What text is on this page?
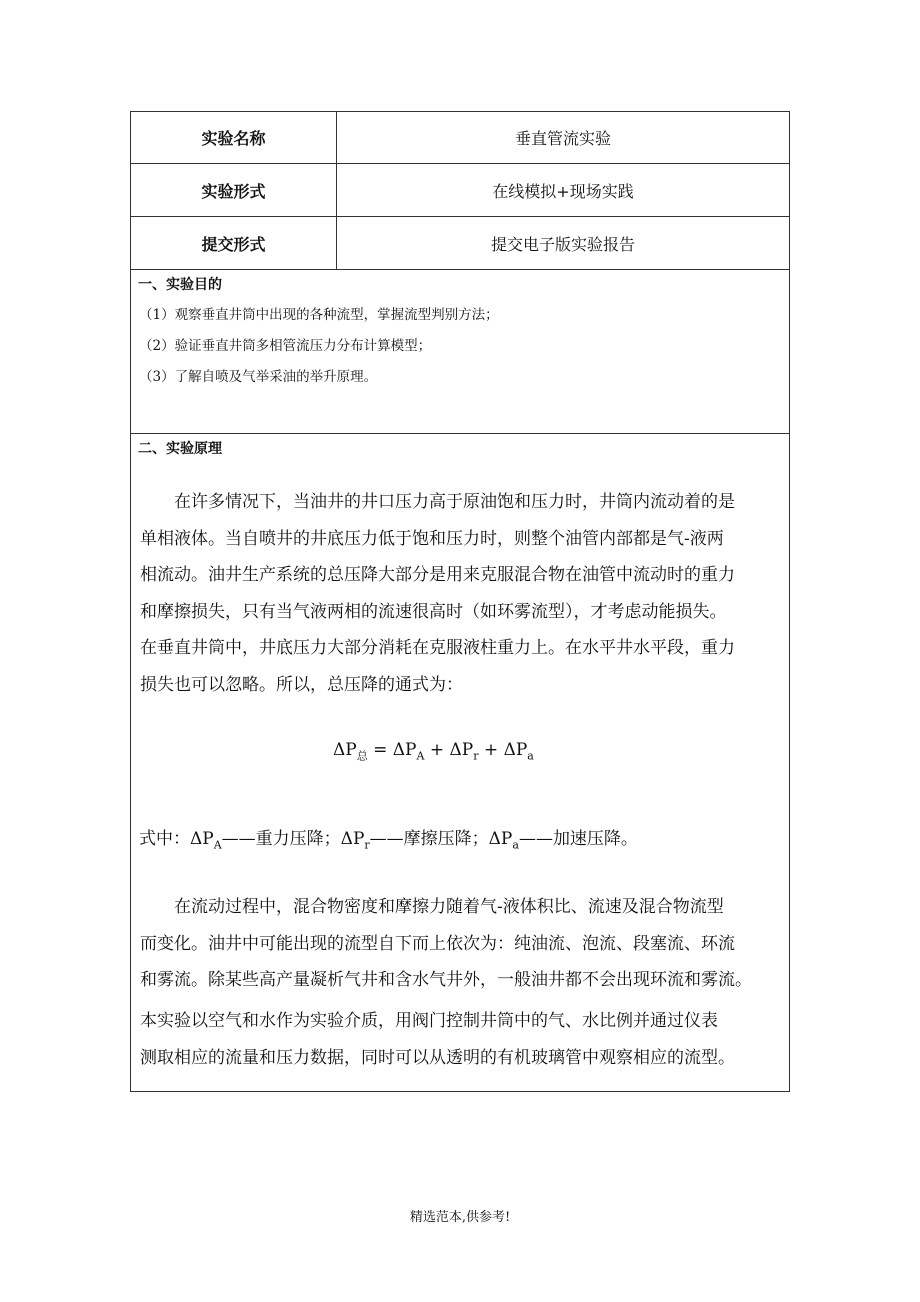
实验名称	垂直管流实验
实验形式	在线模拟+现场实践
提交形式	提交电子版实验报告
一、实验目的
（1）观察垂直井筒中出现的各种流型，掌握流型判别方法；
（2）验证垂直井筒多相管流压力分布计算模型；
（3）了解自喷及气举采油的举升原理。
二、实验原理
　　在许多情况下，当油井的井口压力高于原油饱和压力时，井筒内流动着的是
单相液体。当自喷井的井底压力低于饱和压力时，则整个油管内部都是气-液两
相流动。油井生产系统的总压降大部分是用来克服混合物在油管中流动时的重力
和摩擦损失，只有当气液两相的流速很高时（如环雾流型），才考虑动能损失。
在垂直井筒中，井底压力大部分消耗在克服液柱重力上。在水平井水平段，重力
损失也可以忽略。所以，总压降的通式为：
$\Delta P_总 = \Delta P_A + \Delta P_r + \Delta P_a$
式中：$\Delta P_A——$重力压降；$\Delta P_r——$摩擦压降；$\Delta P_a——$加速压降。
　　在流动过程中，混合物密度和摩擦力随着气-液体积比、流速及混合物流型
而变化。油井中可能出现的流型自下而上依次为：纯油流、泡流、段塞流、环流
和雾流。除某些高产量凝析气井和含水气井外，一般油井都不会出现环流和雾流。
本实验以空气和水作为实验介质，用阀门控制井筒中的气、水比例并通过仪表
测取相应的流量和压力数据，同时可以从透明的有机玻璃管中观察相应的流型。
精选范本,供参考!
